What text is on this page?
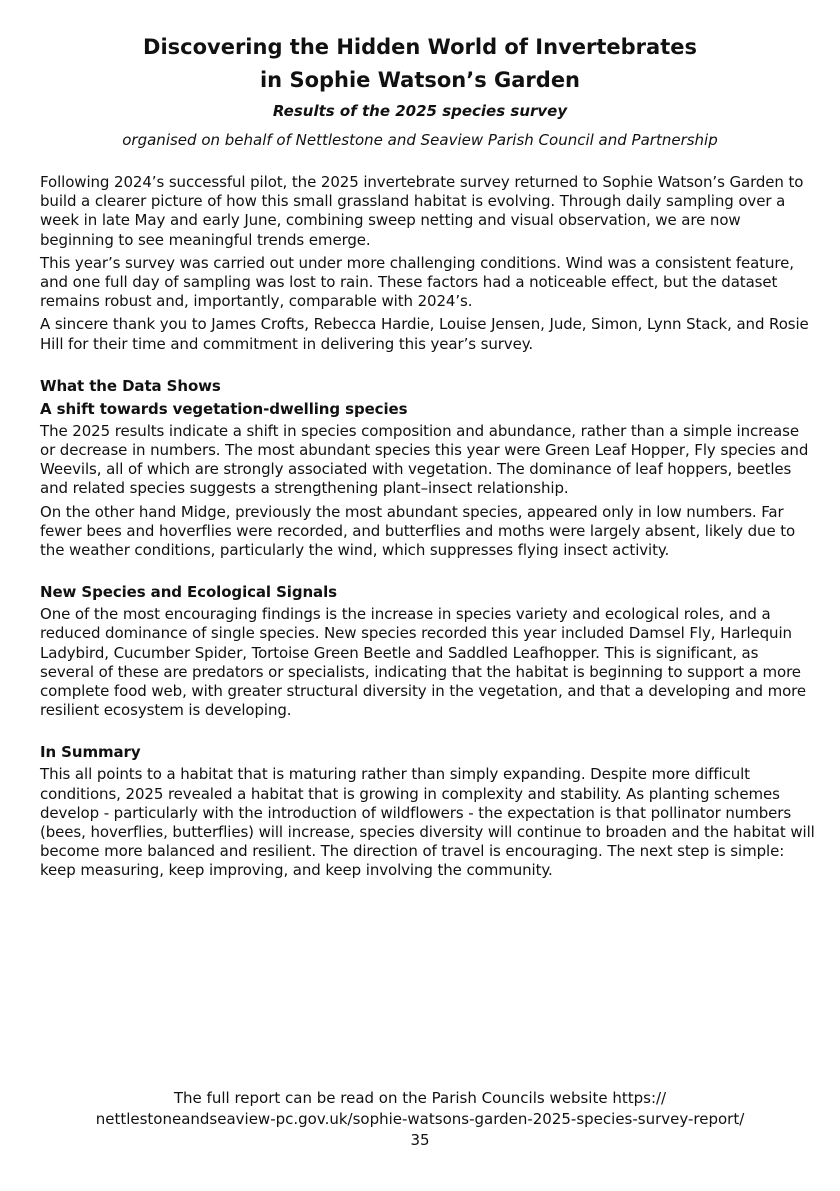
Discovering the Hidden World of Invertebrates
in Sophie Watson’s Garden
Results of the 2025 species survey
organised on behalf of Nettlestone and Seaview Parish Council and Partnership

Following 2024’s successful pilot, the 2025 invertebrate survey returned to Sophie Watson’s Garden to build a clearer picture of how this small grassland habitat is evolving. Through daily sampling over a week in late May and early June, combining sweep netting and visual observation, we are now beginning to see meaningful trends emerge.

This year’s survey was carried out under more challenging conditions. Wind was a consistent feature, and one full day of sampling was lost to rain. These factors had a noticeable effect, but the dataset remains robust and, importantly, comparable with 2024’s.

A sincere thank you to James Crofts, Rebecca Hardie, Louise Jensen, Jude, Simon, Lynn Stack, and Rosie Hill for their time and commitment in delivering this year’s survey.

What the Data Shows
A shift towards vegetation-dwelling species

The 2025 results indicate a shift in species composition and abundance, rather than a simple increase or decrease in numbers. The most abundant species this year were Green Leaf Hopper, Fly species and Weevils, all of which are strongly associated with vegetation. The dominance of leaf hoppers, beetles and related species suggests a strengthening plant–insect relationship.

On the other hand Midge, previously the most abundant species, appeared only in low numbers. Far fewer bees and hoverflies were recorded, and butterflies and moths were largely absent, likely due to the weather conditions, particularly the wind, which suppresses flying insect activity.

New Species and Ecological Signals

One of the most encouraging findings is the increase in species variety and ecological roles, and a reduced dominance of single species. New species recorded this year included Damsel Fly, Harlequin Ladybird, Cucumber Spider, Tortoise Green Beetle and Saddled Leafhopper. This is significant, as several of these are predators or specialists, indicating that the habitat is beginning to support a more complete food web, with greater structural diversity in the vegetation, and that a developing and more resilient ecosystem is developing.

In Summary

This all points to a habitat that is maturing rather than simply expanding. Despite more difficult conditions, 2025 revealed a habitat that is growing in complexity and stability. As planting schemes develop - particularly with the introduction of wildflowers - the expectation is that pollinator numbers (bees, hoverflies, butterflies) will increase, species diversity will continue to broaden and the habitat will become more balanced and resilient. The direction of travel is encouraging. The next step is simple: keep measuring, keep improving, and keep involving the community.

The full report can be read on the Parish Councils website https://
nettlestoneandseaview-pc.gov.uk/sophie-watsons-garden-2025-species-survey-report/
35
